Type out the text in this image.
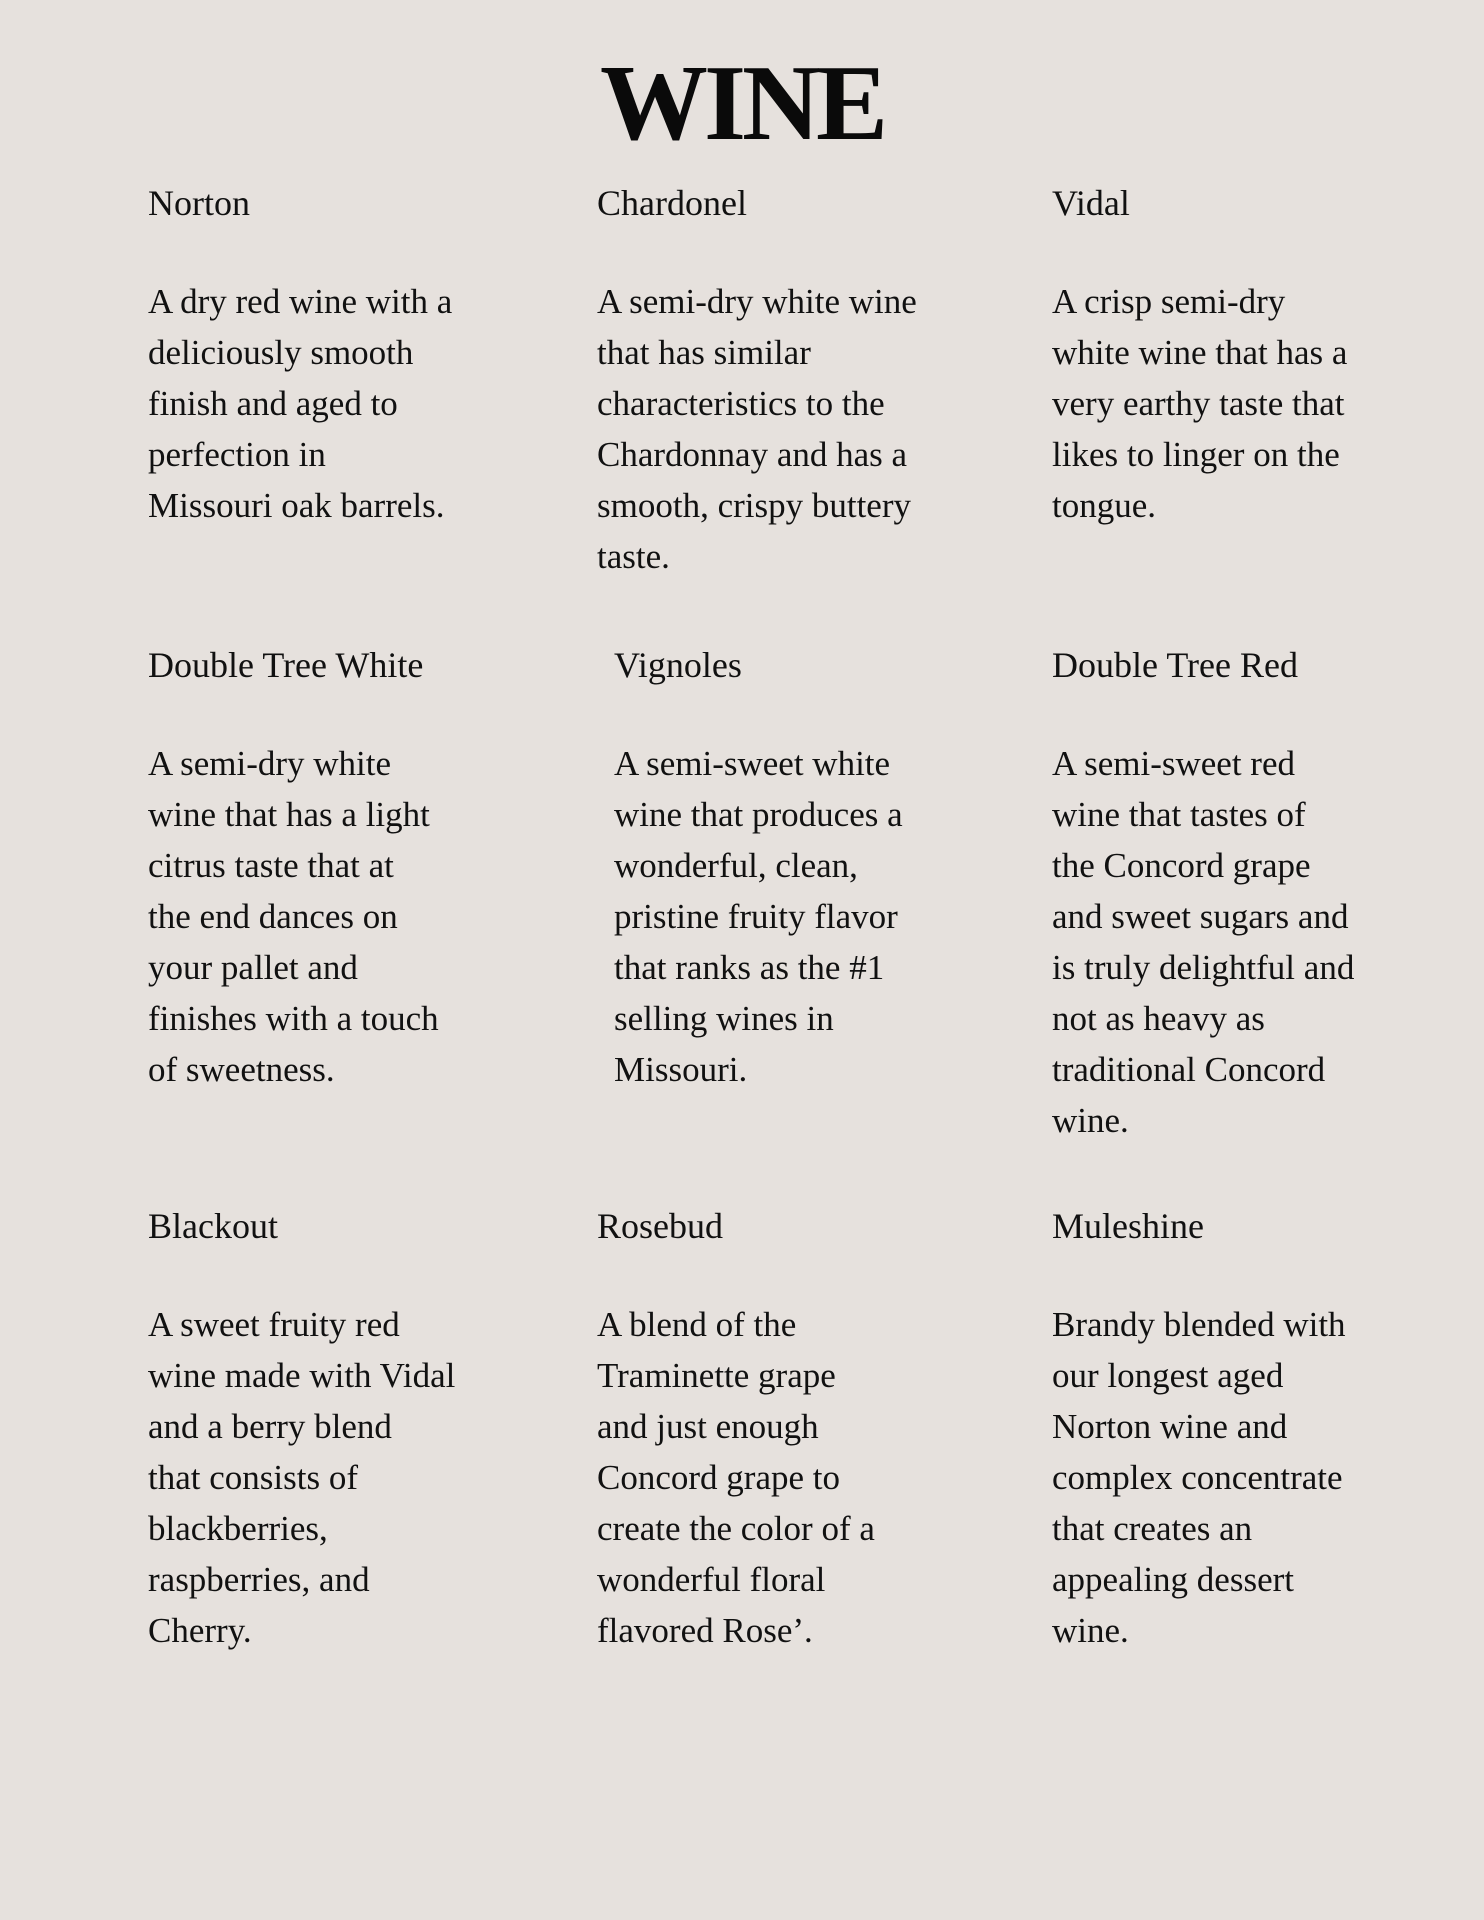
WINE
Norton

A dry red wine with a
deliciously smooth
finish and aged to
perfection in
Missouri oak barrels.

Chardonel

A semi-dry white wine
that has similar
characteristics to the
Chardonnay and has a
smooth, crispy buttery
taste.

Vidal

A crisp semi-dry
white wine that has a
very earthy taste that
likes to linger on the
tongue.

Double Tree White

A semi-dry white
wine that has a light
citrus taste that at
the end dances on
your pallet and
finishes with a touch
of sweetness.

Vignoles

A semi-sweet white
wine that produces a
wonderful, clean,
pristine fruity flavor
that ranks as the #1
selling wines in
Missouri.

Double Tree Red

A semi-sweet red
wine that tastes of
the Concord grape
and sweet sugars and
is truly delightful and
not as heavy as
traditional Concord
wine.

Blackout

A sweet fruity red
wine made with Vidal
and a berry blend
that consists of
blackberries,
raspberries, and
Cherry.

Rosebud

A blend of the
Traminette grape
and just enough
Concord grape to
create the color of a
wonderful floral
flavored Rose’.

Muleshine

Brandy blended with
our longest aged
Norton wine and
complex concentrate
that creates an
appealing dessert
wine.
